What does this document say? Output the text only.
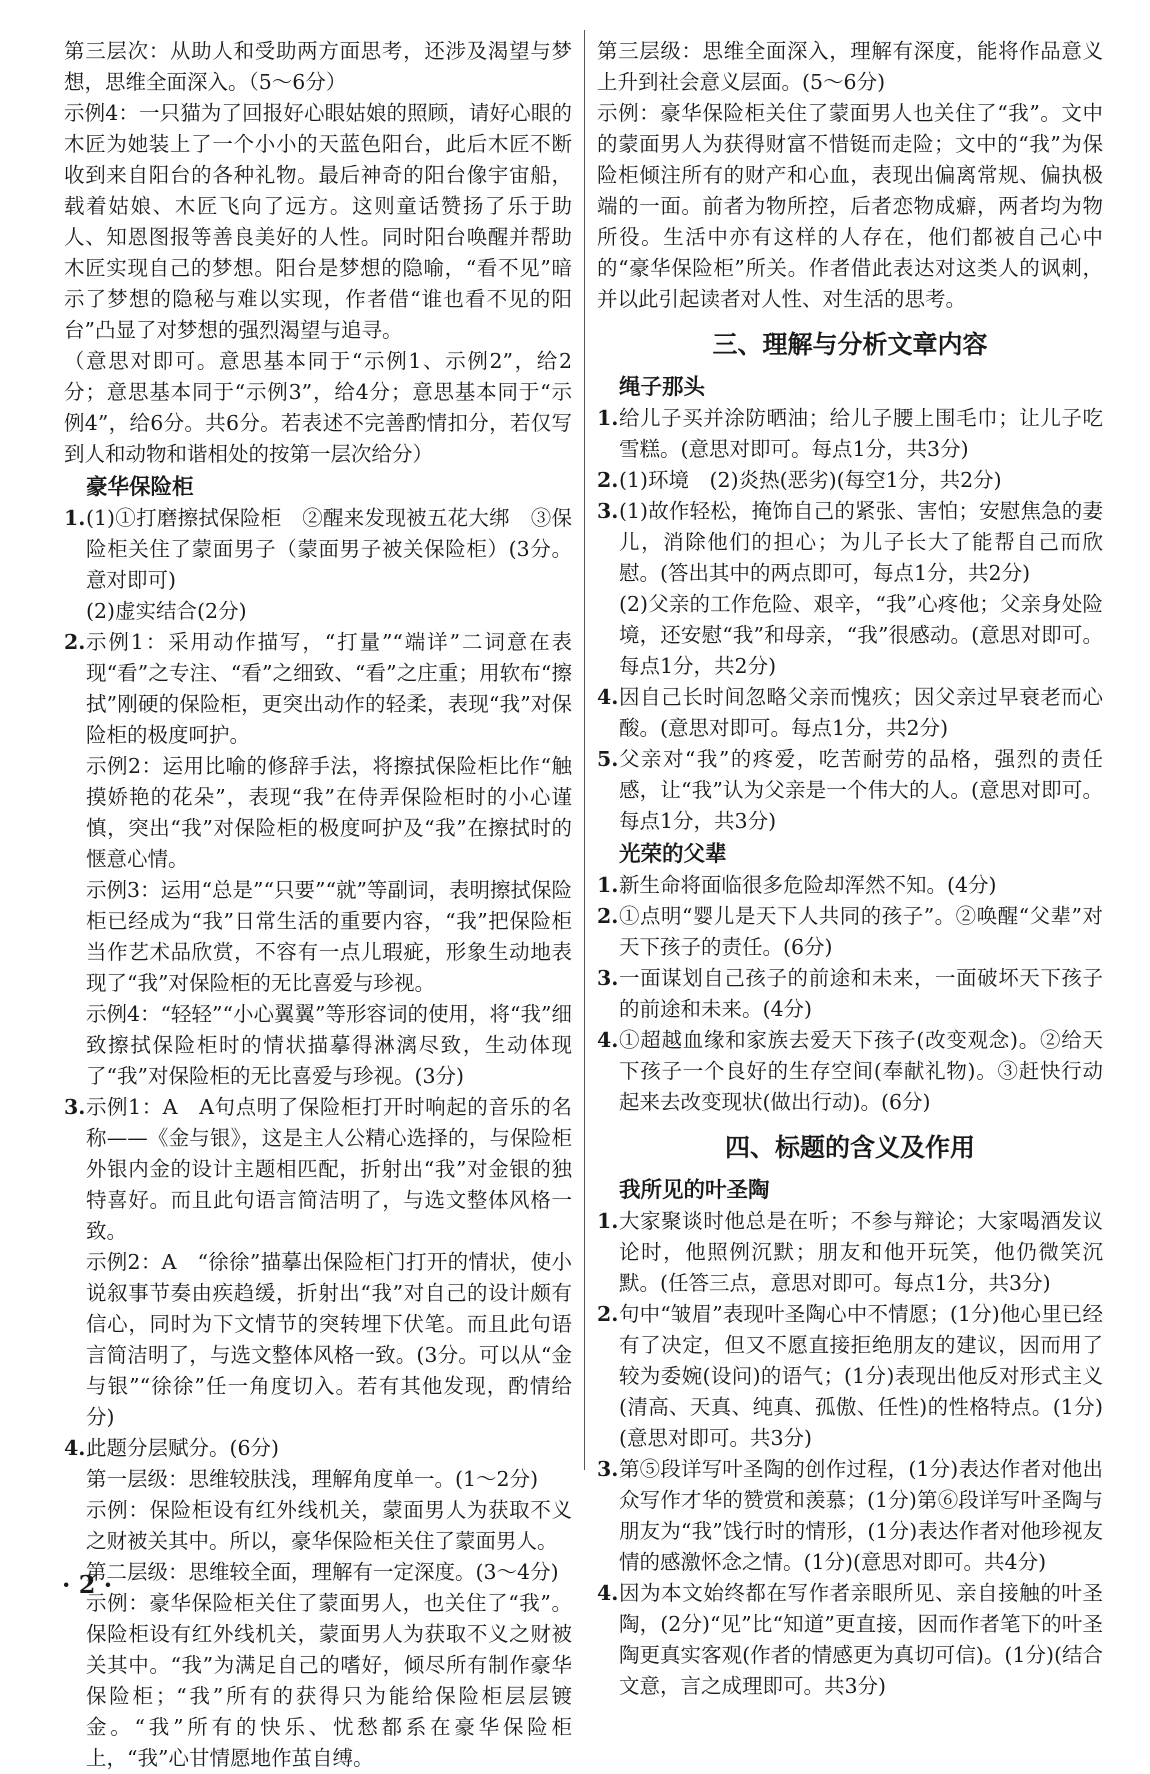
第三层次：从助人和受助两方面思考，还涉及渴望与梦想，思维全面深入。（5～6分）

示例4：一只猫为了回报好心眼姑娘的照顾，请好心眼的木匠为她装上了一个小小的天蓝色阳台，此后木匠不断收到来自阳台的各种礼物。最后神奇的阳台像宇宙船，载着姑娘、木匠飞向了远方。这则童话赞扬了乐于助人、知恩图报等善良美好的人性。同时阳台唤醒并帮助木匠实现自己的梦想。阳台是梦想的隐喻，“看不见”暗示了梦想的隐秘与难以实现，作者借“谁也看不见的阳台”凸显了对梦想的强烈渴望与追寻。

（意思对即可。意思基本同于“示例1、示例2”，给2分；意思基本同于“示例3”，给4分；意思基本同于“示例4”，给6分。共6分。若表述不完善酌情扣分，若仅写到人和动物和谐相处的按第一层次给分）

豪华保险柜
1. (1)①打磨擦拭保险柜　②醒来发现被五花大绑　③保险柜关住了蒙面男子（蒙面男子被关保险柜）(3分。意对即可)

(2)虚实结合(2分)

2. 示例1：采用动作描写，“打量”“端详”二词意在表现“看”之专注、“看”之细致、“看”之庄重；用软布“擦拭”刚硬的保险柜，更突出动作的轻柔，表现“我”对保险柜的极度呵护。

示例2：运用比喻的修辞手法，将擦拭保险柜比作“触摸娇艳的花朵”，表现“我”在侍弄保险柜时的小心谨慎，突出“我”对保险柜的极度呵护及“我”在擦拭时的惬意心情。

示例3：运用“总是”“只要”“就”等副词，表明擦拭保险柜已经成为“我”日常生活的重要内容，“我”把保险柜当作艺术品欣赏，不容有一点儿瑕疵，形象生动地表现了“我”对保险柜的无比喜爱与珍视。

示例4：“轻轻”“小心翼翼”等形容词的使用，将“我”细致擦拭保险柜时的情状描摹得淋漓尽致，生动体现了“我”对保险柜的无比喜爱与珍视。(3分)

3. 示例1：A　A句点明了保险柜打开时响起的音乐的名称——《金与银》，这是主人公精心选择的，与保险柜外银内金的设计主题相匹配，折射出“我”对金银的独特喜好。而且此句语言简洁明了，与选文整体风格一致。

示例2：A　“徐徐”描摹出保险柜门打开的情状，使小说叙事节奏由疾趋缓，折射出“我”对自己的设计颇有信心，同时为下文情节的突转埋下伏笔。而且此句语言简洁明了，与选文整体风格一致。(3分。可以从“金与银”“徐徐”任一角度切入。若有其他发现，酌情给分)

4. 此题分层赋分。(6分)

第一层级：思维较肤浅，理解角度单一。(1～2分)

示例：保险柜设有红外线机关，蒙面男人为获取不义之财被关其中。所以，豪华保险柜关住了蒙面男人。

第二层级：思维较全面，理解有一定深度。(3～4分)

示例：豪华保险柜关住了蒙面男人，也关住了“我”。保险柜设有红外线机关，蒙面男人为获取不义之财被关其中。“我”为满足自己的嗜好，倾尽所有制作豪华保险柜；“我”所有的获得只为能给保险柜层层镀金。“我”所有的快乐、忧愁都系在豪华保险柜上，“我”心甘情愿地作茧自缚。

第三层级：思维全面深入，理解有深度，能将作品意义上升到社会意义层面。(5～6分)

示例：豪华保险柜关住了蒙面男人也关住了“我”。文中的蒙面男人为获得财富不惜铤而走险；文中的“我”为保险柜倾注所有的财产和心血，表现出偏离常规、偏执极端的一面。前者为物所控，后者恋物成癖，两者均为物所役。生活中亦有这样的人存在，他们都被自己心中的“豪华保险柜”所关。作者借此表达对这类人的讽刺，并以此引起读者对人性、对生活的思考。

三、理解与分析文章内容
绳子那头
1. 给儿子买并涂防晒油；给儿子腰上围毛巾；让儿子吃雪糕。(意思对即可。每点1分，共3分)

2. (1)环境　(2)炎热(恶劣)(每空1分，共2分)

3. (1)故作轻松，掩饰自己的紧张、害怕；安慰焦急的妻儿，消除他们的担心；为儿子长大了能帮自己而欣慰。(答出其中的两点即可，每点1分，共2分)

(2)父亲的工作危险、艰辛，“我”心疼他；父亲身处险境，还安慰“我”和母亲，“我”很感动。(意思对即可。每点1分，共2分)

4. 因自己长时间忽略父亲而愧疚；因父亲过早衰老而心酸。(意思对即可。每点1分，共2分)

5. 父亲对“我”的疼爱，吃苦耐劳的品格，强烈的责任感，让“我”认为父亲是一个伟大的人。(意思对即可。每点1分，共3分)

光荣的父辈
1. 新生命将面临很多危险却浑然不知。(4分)

2. ①点明“婴儿是天下人共同的孩子”。②唤醒“父辈”对天下孩子的责任。(6分)

3. 一面谋划自己孩子的前途和未来，一面破坏天下孩子的前途和未来。(4分)

4. ①超越血缘和家族去爱天下孩子(改变观念)。②给天下孩子一个良好的生存空间(奉献礼物)。③赶快行动起来去改变现状(做出行动)。(6分)

四、标题的含义及作用
我所见的叶圣陶
1. 大家聚谈时他总是在听；不参与辩论；大家喝酒发议论时，他照例沉默；朋友和他开玩笑，他仍微笑沉默。(任答三点，意思对即可。每点1分，共3分)

2. 句中“皱眉”表现叶圣陶心中不情愿；(1分)他心里已经有了决定，但又不愿直接拒绝朋友的建议，因而用了较为委婉(设问)的语气；(1分)表现出他反对形式主义(清高、天真、纯真、孤傲、任性)的性格特点。(1分)(意思对即可。共3分)

3. 第⑤段详写叶圣陶的创作过程，(1分)表达作者对他出众写作才华的赞赏和羡慕；(1分)第⑥段详写叶圣陶与朋友为“我”饯行时的情形，(1分)表达作者对他珍视友情的感激怀念之情。(1分)(意思对即可。共4分)

4. 因为本文始终都在写作者亲眼所见、亲自接触的叶圣陶，(2分)“见”比“知道”更直接，因而作者笔下的叶圣陶更真实客观(作者的情感更为真切可信)。(1分)(结合文意，言之成理即可。共3分)

· 2 ·
